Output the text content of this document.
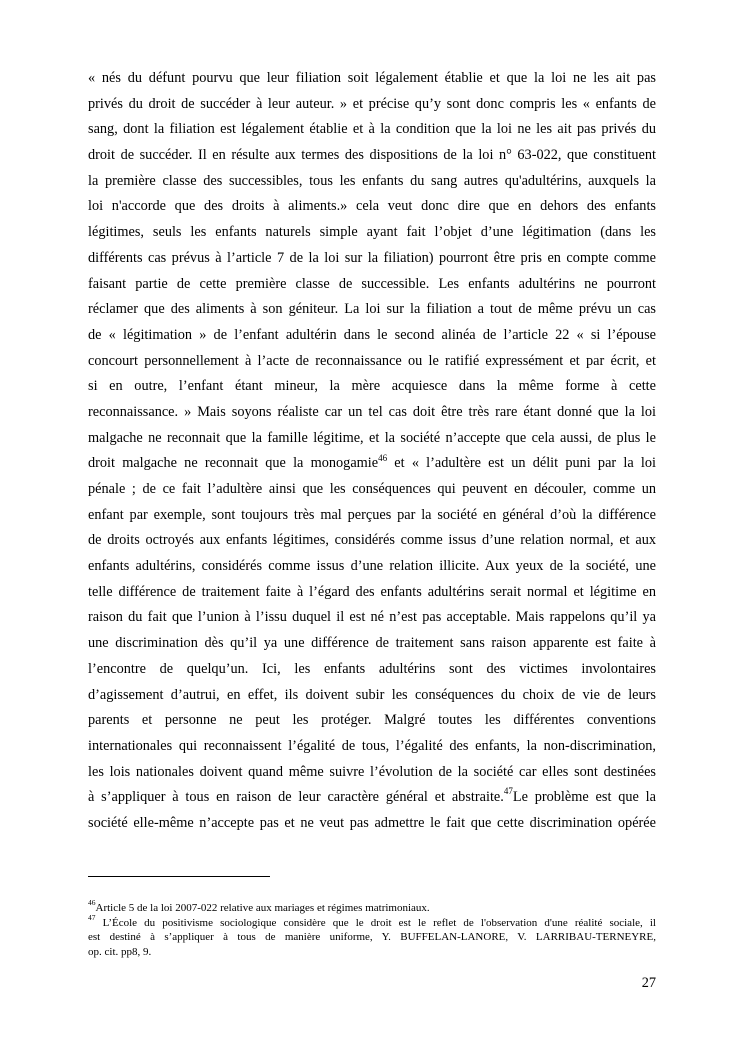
« nés du défunt pourvu que leur filiation soit légalement établie et que la loi ne les ait pas
privés du droit de succéder à leur auteur. » et précise qu’y sont donc compris les « enfants de
sang, dont la filiation est légalement établie et à la condition que la loi ne les ait pas privés du
droit de succéder. Il en résulte aux termes des dispositions de la loi n° 63-022, que constituent
la première classe des successibles, tous les enfants du sang autres qu'adultérins, auxquels la
loi n'accorde que des droits à aliments.» cela veut donc dire que en dehors des enfants
légitimes, seuls les enfants naturels simple ayant fait l’objet d’une légitimation (dans les
différents cas prévus à l’article 7 de la loi sur la filiation) pourront être pris en compte comme
faisant partie de cette première classe de successible. Les enfants adultérins ne pourront
réclamer que des aliments à son géniteur. La loi sur la filiation a tout de même prévu un cas
de « légitimation » de l’enfant adultérin dans le second alinéa de l’article 22 « si l’épouse
concourt personnellement à l’acte de reconnaissance ou le ratifié expressément et par écrit, et
si en outre, l’enfant étant mineur, la mère acquiesce dans la même forme à cette
reconnaissance. » Mais soyons réaliste car un tel cas doit être très rare étant donné que la loi
malgache ne reconnait que la famille légitime, et la société n’accepte que cela aussi, de plus le
droit malgache ne reconnait que la monogamie$^{46}$ et « l’adultère est un délit puni par la loi
pénale ; de ce fait l’adultère ainsi que les conséquences qui peuvent en découler, comme un
enfant par exemple, sont toujours très mal perçues par la société en général d’où la différence
de droits octroyés aux enfants légitimes, considérés comme issus d’une relation normal, et aux
enfants adultérins, considérés comme issus d’une relation illicite. Aux yeux de la société, une
telle différence de traitement faite à l’égard des enfants adultérins serait normal et légitime en
raison du fait que l’union à l’issu duquel il est né n’est pas acceptable. Mais rappelons qu’il ya
une discrimination dès qu’il ya une différence de traitement sans raison apparente est faite à
l’encontre de quelqu’un. Ici, les enfants adultérins sont des victimes involontaires
d’agissement d’autrui, en effet, ils doivent subir les conséquences du choix de vie de leurs
parents et personne ne peut les protéger. Malgré toutes les différentes conventions
internationales qui reconnaissent l’égalité de tous, l’égalité des enfants, la non-discrimination,
les lois nationales doivent quand même suivre l’évolution de la société car elles sont destinées
à s’appliquer à tous en raison de leur caractère général et abstraite.$^{47}$Le problème est que la
société elle-même n’accepte pas et ne veut pas admettre le fait que cette discrimination opérée
$^{46}$Article 5 de la loi 2007-022 relative aux mariages et régimes matrimoniaux.
$^{47}$ L’École du positivisme sociologique considère que le droit est le reflet de l'observation d'une réalité sociale, il
est destiné à s’appliquer à tous de manière uniforme, Y. BUFFELAN-LANORE, V. LARRIBAU-TERNEYRE,
op. cit. pp8, 9.
27
